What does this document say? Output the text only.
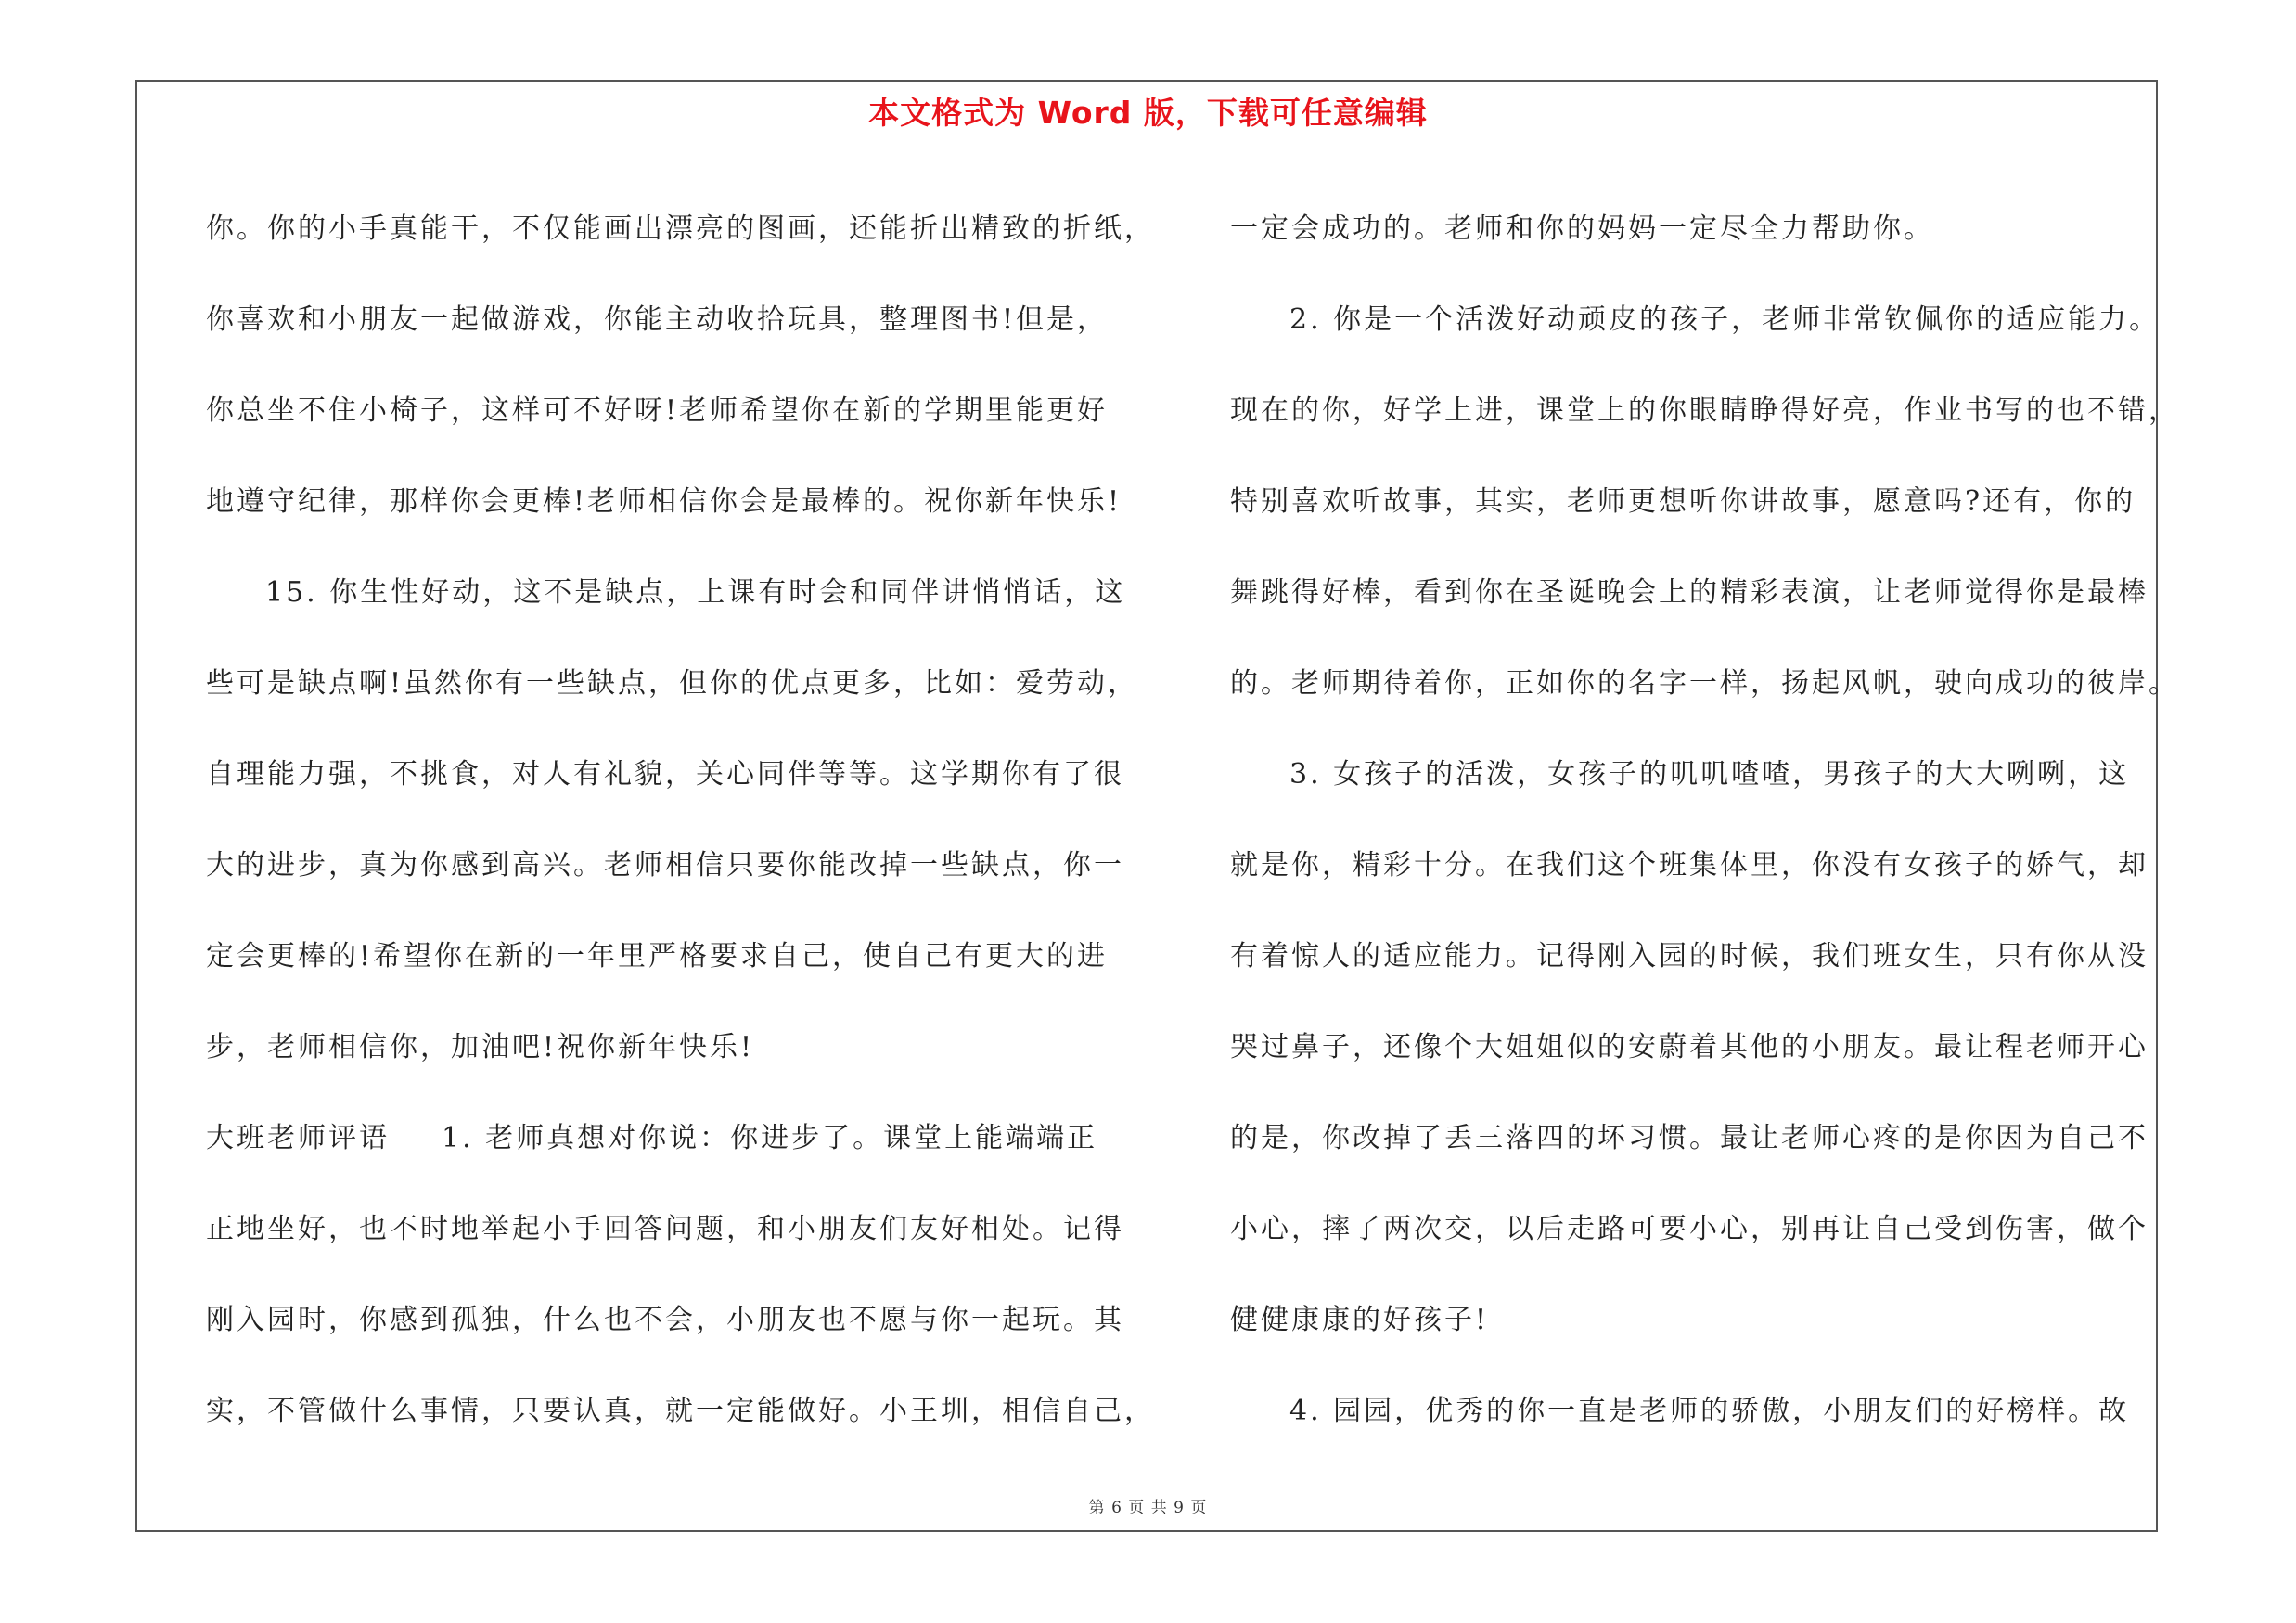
本文格式为 Word 版，下载可任意编辑
你。你的小手真能干，不仅能画出漂亮的图画，还能折出精致的折纸，
你喜欢和小朋友一起做游戏，你能主动收拾玩具，整理图书!但是，
你总坐不住小椅子，这样可不好呀!老师希望你在新的学期里能更好
地遵守纪律，那样你会更棒!老师相信你会是最棒的。祝你新年快乐!
15. 你生性好动，这不是缺点，上课有时会和同伴讲悄悄话，这
些可是缺点啊!虽然你有一些缺点，但你的优点更多，比如：爱劳动，
自理能力强，不挑食，对人有礼貌，关心同伴等等。这学期你有了很
大的进步，真为你感到高兴。老师相信只要你能改掉一些缺点，你一
定会更棒的!希望你在新的一年里严格要求自己，使自己有更大的进
步，老师相信你，加油吧!祝你新年快乐!
大班老师评语 1. 老师真想对你说：你进步了。课堂上能端端正
正地坐好，也不时地举起小手回答问题，和小朋友们友好相处。记得
刚入园时，你感到孤独，什么也不会，小朋友也不愿与你一起玩。其
实，不管做什么事情，只要认真，就一定能做好。小王圳，相信自己，
一定会成功的。老师和你的妈妈一定尽全力帮助你。
2. 你是一个活泼好动顽皮的孩子，老师非常钦佩你的适应能力。
现在的你，好学上进，课堂上的你眼睛睁得好亮，作业书写的也不错，
特别喜欢听故事，其实，老师更想听你讲故事，愿意吗?还有，你的
舞跳得好棒，看到你在圣诞晚会上的精彩表演，让老师觉得你是最棒
的。老师期待着你，正如你的名字一样，扬起风帆，驶向成功的彼岸。
3. 女孩子的活泼，女孩子的叽叽喳喳，男孩子的大大咧咧，这
就是你，精彩十分。在我们这个班集体里，你没有女孩子的娇气，却
有着惊人的适应能力。记得刚入园的时候，我们班女生，只有你从没
哭过鼻子，还像个大姐姐似的安蔚着其他的小朋友。最让程老师开心
的是，你改掉了丢三落四的坏习惯。最让老师心疼的是你因为自己不
小心，摔了两次交，以后走路可要小心，别再让自己受到伤害，做个
健健康康的好孩子!
4. 园园，优秀的你一直是老师的骄傲，小朋友们的好榜样。故
第 6 页 共 9 页
